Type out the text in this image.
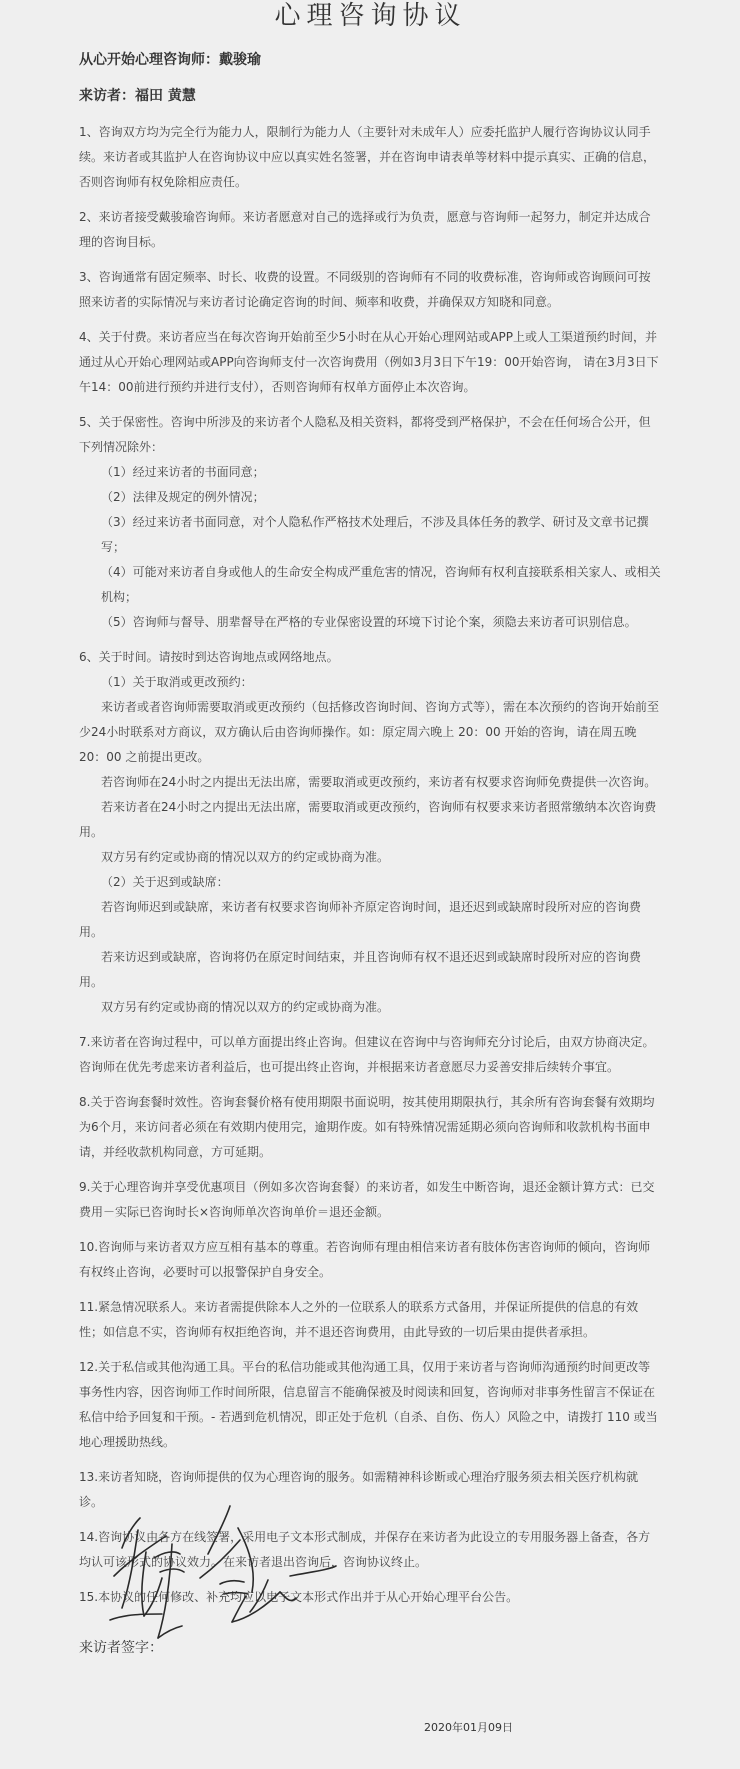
心理咨询协议
从心开始心理咨询师：戴骏瑜
来访者：福田 黄慧

1、咨询双方均为完全行为能力人，限制行为能力人（主要针对未成年人）应委托监护人履行咨询协议认同手续。来访者或其监护人在咨询协议中应以真实姓名签署，并在咨询申请表单等材料中提示真实、正确的信息，否则咨询师有权免除相应责任。

2、来访者接受戴骏瑜咨询师。来访者愿意对自己的选择或行为负责，愿意与咨询师一起努力，制定并达成合理的咨询目标。

3、咨询通常有固定频率、时长、收费的设置。不同级别的咨询师有不同的收费标准，咨询师或咨询顾问可按照来访者的实际情况与来访者讨论确定咨询的时间、频率和收费，并确保双方知晓和同意。

4、关于付费。来访者应当在每次咨询开始前至少5小时在从心开始心理网站或APP上或人工渠道预约时间，并通过从心开始心理网站或APP向咨询师支付一次咨询费用（例如3月3日下午19：00开始咨询， 请在3月3日下午14：00前进行预约并进行支付），否则咨询师有权单方面停止本次咨询。

5、关于保密性。咨询中所涉及的来访者个人隐私及相关资料，都将受到严格保护，不会在任何场合公开，但下列情况除外：

（1）经过来访者的书面同意；
（2）法律及规定的例外情况；
（3）经过来访者书面同意，对个人隐私作严格技术处理后，不涉及具体任务的教学、研讨及文章书记撰写；
（4）可能对来访者自身或他人的生命安全构成严重危害的情况，咨询师有权利直接联系相关家人、或相关机构；
（5）咨询师与督导、朋辈督导在严格的专业保密设置的环境下讨论个案，须隐去来访者可识别信息。

6、关于时间。请按时到达咨询地点或网络地点。

（1）关于取消或更改预约：
来访者或者咨询师需要取消或更改预约（包括修改咨询时间、咨询方式等），需在本次预约的咨询开始前至少24小时联系对方商议，双方确认后由咨询师操作。如：原定周六晚上 20：00 开始的咨询，请在周五晚 20：00 之前提出更改。
若咨询师在24小时之内提出无法出席，需要取消或更改预约，来访者有权要求咨询师免费提供一次咨询。
若来访者在24小时之内提出无法出席，需要取消或更改预约，咨询师有权要求来访者照常缴纳本次咨询费用。
双方另有约定或协商的情况以双方的约定或协商为准。
（2）关于迟到或缺席：
若咨询师迟到或缺席，来访者有权要求咨询师补齐原定咨询时间，退还迟到或缺席时段所对应的咨询费用。
若来访迟到或缺席，咨询将仍在原定时间结束，并且咨询师有权不退还迟到或缺席时段所对应的咨询费用。
双方另有约定或协商的情况以双方的约定或协商为准。

7.来访者在咨询过程中，可以单方面提出终止咨询。但建议在咨询中与咨询师充分讨论后，由双方协商决定。咨询师在优先考虑来访者利益后，也可提出终止咨询，并根据来访者意愿尽力妥善安排后续转介事宜。

8.关于咨询套餐时效性。咨询套餐价格有使用期限书面说明，按其使用期限执行，其余所有咨询套餐有效期均为6个月，来访问者必须在有效期内使用完，逾期作废。如有特殊情况需延期必须向咨询师和收款机构书面申请，并经收款机构同意，方可延期。

9.关于心理咨询并享受优惠项目（例如多次咨询套餐）的来访者，如发生中断咨询，退还金额计算方式：已交费用－实际已咨询时长×咨询师单次咨询单价＝退还金额。

10.咨询师与来访者双方应互相有基本的尊重。若咨询师有理由相信来访者有肢体伤害咨询师的倾向，咨询师有权终止咨询，必要时可以报警保护自身安全。

11.紧急情况联系人。来访者需提供除本人之外的一位联系人的联系方式备用，并保证所提供的信息的有效性；如信息不实，咨询师有权拒绝咨询，并不退还咨询费用，由此导致的一切后果由提供者承担。

12.关于私信或其他沟通工具。平台的私信功能或其他沟通工具，仅用于来访者与咨询师沟通预约时间更改等事务性内容，因咨询师工作时间所限，信息留言不能确保被及时阅读和回复，咨询师对非事务性留言不保证在私信中给予回复和干预。- 若遇到危机情况，即正处于危机（自杀、自伤、伤人）风险之中，请拨打 110 或当地心理援助热线。

13.来访者知晓，咨询师提供的仅为心理咨询的服务。如需精神科诊断或心理治疗服务须去相关医疗机构就诊。

14.咨询协议由各方在线签署，采用电子文本形式制成，并保存在来访者为此设立的专用服务器上备查，各方均认可该形式的协议效力。在来访者退出咨询后，咨询协议终止。

15.本协议的任何修改、补充均应以电子文本形式作出并于从心开始心理平台公告。

来访者签字：
2020年01月09日
